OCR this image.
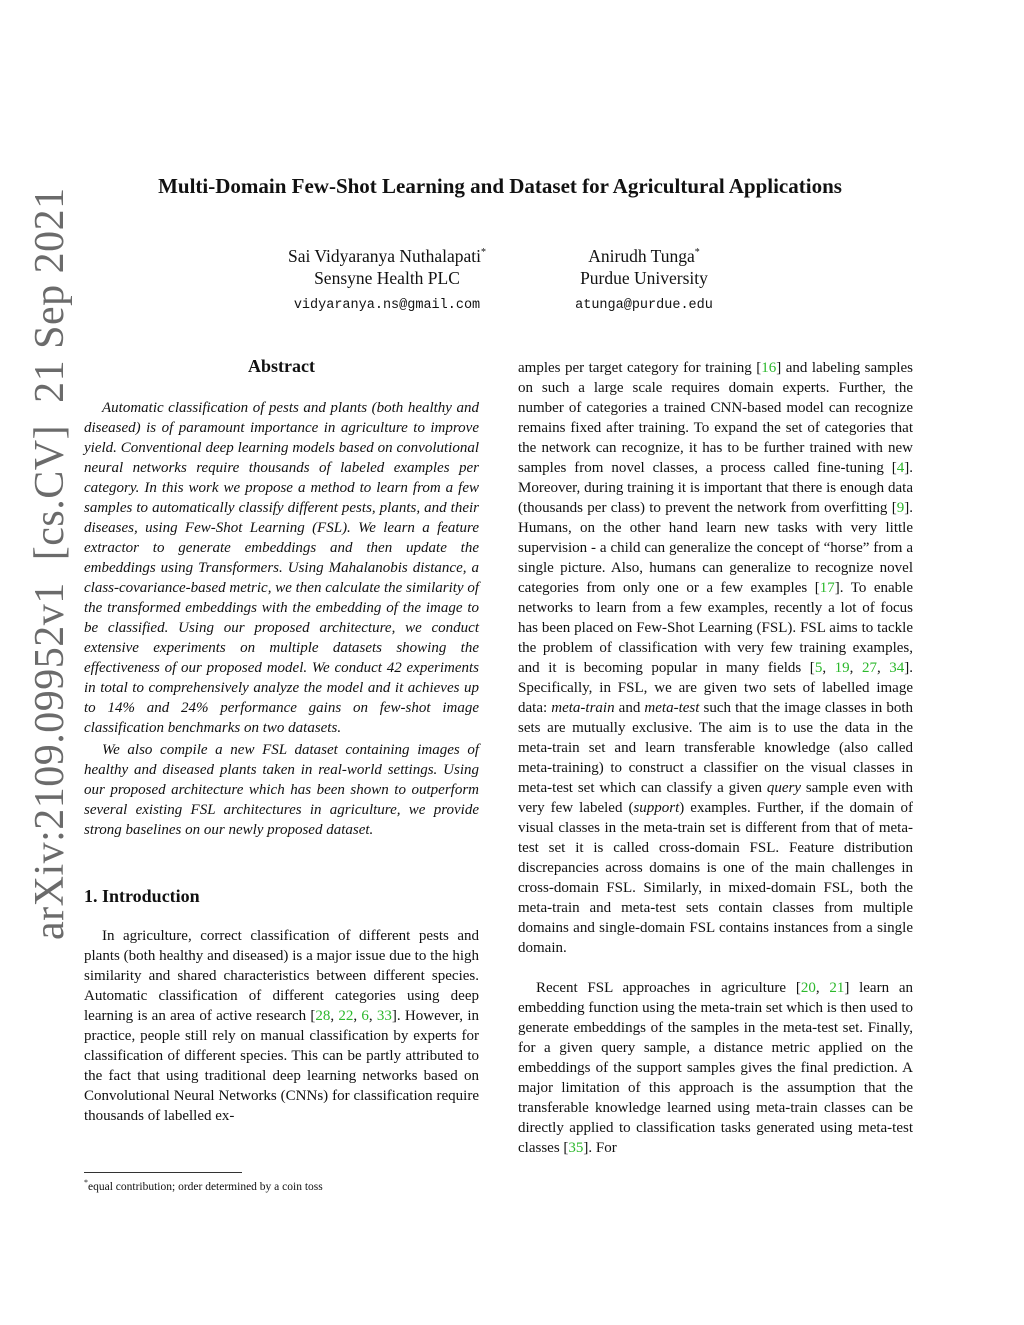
arXiv:2109.09952v1[cs.CV]21 Sep 2021
Multi-Domain Few-Shot Learning and Dataset for Agricultural Applications
Sai Vidyaranya Nuthalapati*
Sensyne Health PLC
vidyaranya.ns@gmail.com
Anirudh Tunga*
Purdue University
atunga@purdue.edu
Abstract

Automatic classification of pests and plants (both healthy and diseased) is of paramount importance in agriculture to improve yield. Conventional deep learning models based on convolutional neural networks require thousands of labeled examples per category. In this work we propose a method to learn from a few samples to automatically classify different pests, plants, and their diseases, using Few-Shot Learning (FSL). We learn a feature extractor to generate embeddings and then update the embeddings using Transformers. Using Mahalanobis distance, a class-covariance-based metric, we then calculate the similarity of the transformed embeddings with the embedding of the image to be classified. Using our proposed architecture, we conduct extensive experiments on multiple datasets showing the effectiveness of our proposed model. We conduct 42 experiments in total to comprehensively analyze the model and it achieves up to 14% and 24% performance gains on few-shot image classification benchmarks on two datasets.

We also compile a new FSL dataset containing images of healthy and diseased plants taken in real-world settings. Using our proposed architecture which has been shown to outperform several existing FSL architectures in agriculture, we provide strong baselines on our newly proposed dataset.

1. Introduction

In agriculture, correct classification of different pests and plants (both healthy and diseased) is a major issue due to the high similarity and shared characteristics between different species. Automatic classification of different categories using deep learning is an area of active research [28, 22, 6, 33]. However, in practice, people still rely on manual classification by experts for classification of different species. This can be partly attributed to the fact that using traditional deep learning networks based on Convolutional Neural Networks (CNNs) for classification require thousands of labelled ex-

amples per target category for training [16] and labeling samples on such a large scale requires domain experts. Further, the number of categories a trained CNN-based model can recognize remains fixed after training. To expand the set of categories that the network can recognize, it has to be further trained with new samples from novel classes, a process called fine-tuning [4]. Moreover, during training it is important that there is enough data (thousands per class) to prevent the network from overfitting [9]. Humans, on the other hand learn new tasks with very little supervision - a child can generalize the concept of “horse” from a single picture. Also, humans can generalize to recognize novel categories from only one or a few examples [17]. To enable networks to learn from a few examples, recently a lot of focus has been placed on Few-Shot Learning (FSL). FSL aims to tackle the problem of classification with very few training examples, and it is becoming popular in many fields [5, 19, 27, 34]. Specifically, in FSL, we are given two sets of labelled image data: meta-train and meta-test such that the image classes in both sets are mutually exclusive. The aim is to use the data in the meta-train set and learn transferable knowledge (also called meta-training) to construct a classifier on the visual classes in meta-test set which can classify a given query sample even with very few labeled (support) examples. Further, if the domain of visual classes in the meta-train set is different from that of meta-test set it is called cross-domain FSL. Feature distribution discrepancies across domains is one of the main challenges in cross-domain FSL. Similarly, in mixed-domain FSL, both the meta-train and meta-test sets contain classes from multiple domains and single-domain FSL contains instances from a single domain.

Recent FSL approaches in agriculture [20, 21] learn an embedding function using the meta-train set which is then used to generate embeddings of the samples in the meta-test set. Finally, for a given query sample, a distance metric applied on the embeddings of the support samples gives the final prediction. A major limitation of this approach is the assumption that the transferable knowledge learned using meta-train classes can be directly applied to classification tasks generated using meta-test classes [35]. For

*equal contribution; order determined by a coin toss
